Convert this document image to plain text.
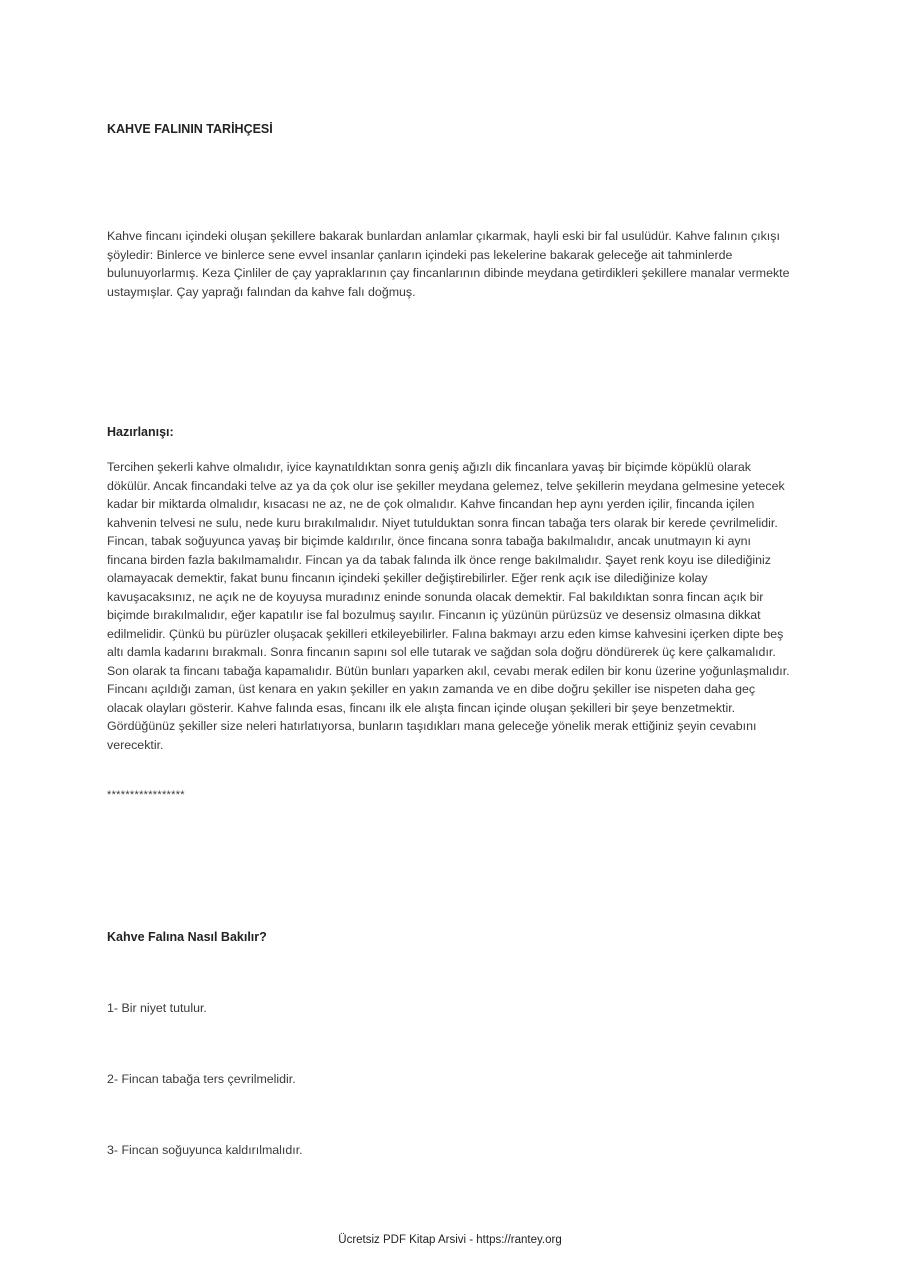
KAHVE FALININ TARİHÇESİ

Kahve fincanı içindeki oluşan şekillere bakarak bunlardan anlamlar çıkarmak, hayli eski bir fal usulüdür. Kahve falının çıkışı şöyledir: Binlerce ve binlerce sene evvel insanlar çanların içindeki pas lekelerine bakarak geleceğe ait tahminlerde bulunuyorlarmış. Keza Çinliler de çay yapraklarının çay fincanlarının dibinde meydana getirdikleri şekillere manalar vermekte ustaymışlar. Çay yaprağı falından da kahve falı doğmuş.

Hazırlanışı:

Tercihen şekerli kahve olmalıdır, iyice kaynatıldıktan sonra geniş ağızlı dik fincanlara yavaş bir biçimde köpüklü olarak dökülür. Ancak fincandaki telve az ya da çok olur ise şekiller meydana gelemez, telve şekillerin meydana gelmesine yetecek kadar bir miktarda olmalıdır, kısacası ne az, ne de çok olmalıdır. Kahve fincandan hep aynı yerden içilir, fincanda içilen kahvenin telvesi ne sulu, nede kuru bırakılmalıdır. Niyet tutulduktan sonra fincan tabağa ters olarak bir kerede çevrilmelidir. Fincan, tabak soğuyunca yavaş bir biçimde kaldırılır, önce fincana sonra tabağa bakılmalıdır, ancak unutmayın ki aynı fincana birden fazla bakılmamalıdır. Fincan ya da tabak falında ilk önce renge bakılmalıdır. Şayet renk koyu ise dilediğiniz olamayacak demektir, fakat bunu fincanın içindeki şekiller değiştirebilirler. Eğer renk açık ise dilediğinize kolay kavuşacaksınız, ne açık ne de koyuysa muradınız eninde sonunda olacak demektir. Fal bakıldıktan sonra fincan açık bir biçimde bırakılmalıdır, eğer kapatılır ise fal bozulmuş sayılır. Fincanın iç yüzünün pürüzsüz ve desensiz olmasına dikkat edilmelidir. Çünkü bu pürüzler oluşacak şekilleri etkileyebilirler. Falına bakmayı arzu eden kimse kahvesini içerken dipte beş altı damla kadarını bırakmalı. Sonra fincanın sapını sol elle tutarak ve sağdan sola doğru döndürerek üç kere çalkamalıdır. Son olarak ta fincanı tabağa kapamalıdır. Bütün bunları yaparken akıl, cevabı merak edilen bir konu üzerine yoğunlaşmalıdır. Fincanı açıldığı zaman, üst kenara en yakın şekiller en yakın zamanda ve en dibe doğru şekiller ise nispeten daha geç olacak olayları gösterir. Kahve falında esas, fincanı ilk ele alışta fincan içinde oluşan şekilleri bir şeye benzetmektir. Gördüğünüz şekiller size neleri hatırlatıyorsa, bunların taşıdıkları mana geleceğe yönelik merak ettiğiniz şeyin cevabını verecektir.

*****************

Kahve Falına Nasıl Bakılır?

1- Bir niyet tutulur.

2- Fincan tabağa ters çevrilmelidir.

3- Fincan soğuyunca kaldırılmalıdır.

Ücretsiz PDF Kitap Arsivi - https://rantey.org
